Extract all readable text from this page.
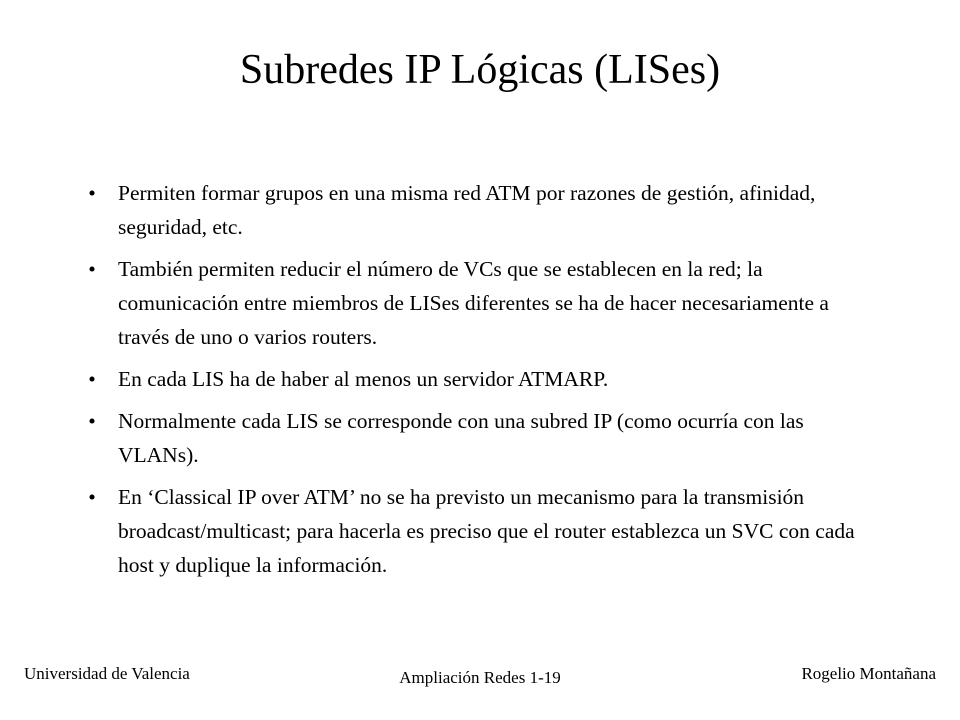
Subredes IP Lógicas (LISes)
• Permiten formar grupos en una misma red ATM por razones de gestión, afinidad, seguridad, etc.
• También permiten reducir el número de VCs que se establecen en la red; la comunicación entre miembros de LISes diferentes se ha de hacer necesariamente a través de uno o varios routers.
• En cada LIS ha de haber al menos un servidor ATMARP.
• Normalmente cada LIS se corresponde con una subred IP (como ocurría con las VLANs).
• En ‘Classical IP over ATM’ no se ha previsto un mecanismo para la transmisión broadcast/multicast; para hacerla es preciso que el router establezca un SVC con cada host y duplique la información.
Universidad de Valencia	Ampliación Redes 1-19	Rogelio Montañana
